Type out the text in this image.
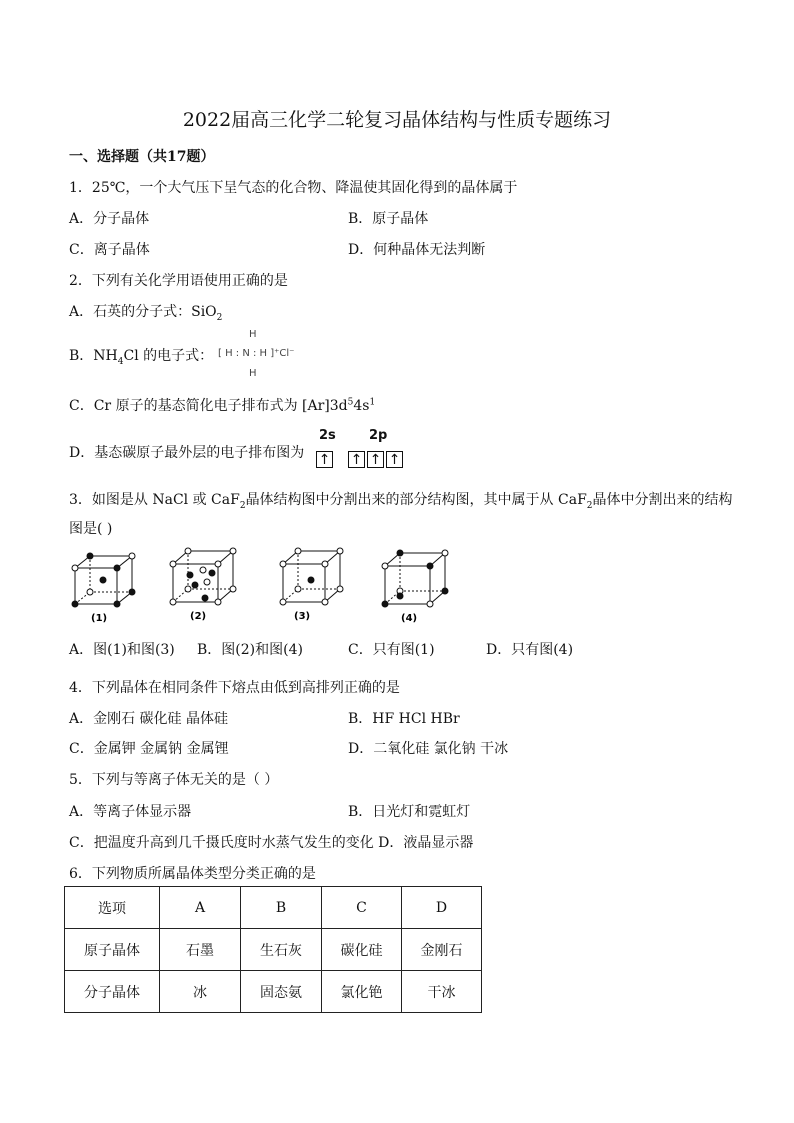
2022届高三化学二轮复习晶体结构与性质专题练习
一、选择题（共17题）
1．25℃，一个大气压下呈气态的化合物、降温使其固化得到的晶体属于
A．分子晶体	B．原子晶体
C．离子晶体	D．何种晶体无法判断
2．下列有关化学用语使用正确的是
A．石英的分子式：SiO$_2$
B．$NH_4Cl$ 的电子式：
H
[ H : N : H ]⁺Cl⁻
H
C．Cr 原子的基态简化电子排布式为 $[Ar]3d^54s^1$
D．基态碳原子最外层的电子排布图为
2s	2p
↑ ↑ ↑ ↑
3．如图是从 NaCl 或 CaF$_2$晶体结构图中分割出来的部分结构图，其中属于从 CaF$_2$晶体中分割出来的结构
图是( )
(1)	(2)	(3)	(4)
A．图(1)和图(3) B．图(2)和图(4)	C．只有图(1)	D．只有图(4)
4．下列晶体在相同条件下熔点由低到高排列正确的是
A．金刚石 碳化硅 晶体硅	B．HF HCl HBr
C．金属钾 金属钠 金属锂	D．二氧化硅 氯化钠 干冰
5．下列与等离子体无关的是（ ）
A．等离子体显示器	B．日光灯和霓虹灯
C．把温度升高到几千摄氏度时水蒸气发生的变化 D．液晶显示器
6．下列物质所属晶体类型分类正确的是
选项	A	B	C	D
原子晶体	石墨	生石灰	碳化硅	金刚石
分子晶体	冰	固态氨	氯化铯	干冰
